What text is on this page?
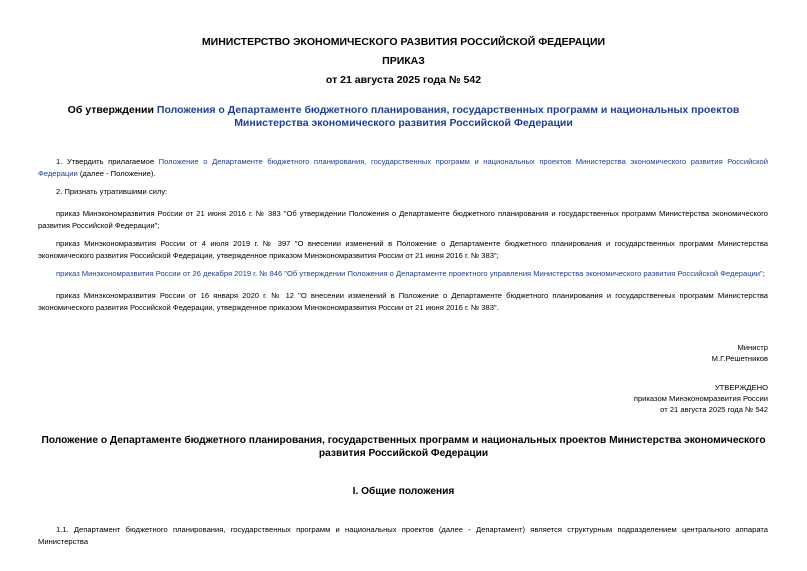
МИНИСТЕРСТВО ЭКОНОМИЧЕСКОГО РАЗВИТИЯ РОССИЙСКОЙ ФЕДЕРАЦИИ
ПРИКАЗ
от 21 августа 2025 года № 542
Об утверждении Положения о Департаменте бюджетного планирования, государственных программ и национальных проектов Министерства экономического развития Российской Федерации
1. Утвердить прилагаемое Положение о Департаменте бюджетного планирования, государственных программ и национальных проектов Министерства экономического развития Российской Федерации (далее - Положение).
2. Признать утратившими силу:
приказ Минэкономразвития России от 21 июня 2016 г. № 383 "Об утверждении Положения о Департаменте бюджетного планирования и государственных программ Министерства экономического развития Российской Федерации";
приказ Минэкономразвития России от 4 июля 2019 г. № 397 "О внесении изменений в Положение о Департаменте бюджетного планирования и государственных программ Министерства экономического развития Российской Федерации, утвержденное приказом Минэкономразвития России от 21 июня 2016 г. № 383";
приказ Минэкономразвития России от 26 декабря 2019 г. № 846 "Об утверждении Положения о Департаменте проектного управления Министерства экономического развития Российской Федерации";
приказ Минэкономразвития России от 16 января 2020 г. № 12 "О внесении изменений в Положение о Департаменте бюджетного планирования и государственных программ Министерства экономического развития Российской Федерации, утвержденное приказом Минэкономразвития России от 21 июня 2016 г. № 383".
Министр
М.Г.Решетников
УТВЕРЖДЕНО
приказом Минэкономразвития России
от 21 августа 2025 года № 542
Положение о Департаменте бюджетного планирования, государственных программ и национальных проектов Министерства экономического развития Российской Федерации
I. Общие положения
1.1. Департамент бюджетного планирования, государственных программ и национальных проектов (далее - Департамент) является структурным подразделением центрального аппарата Министерства
